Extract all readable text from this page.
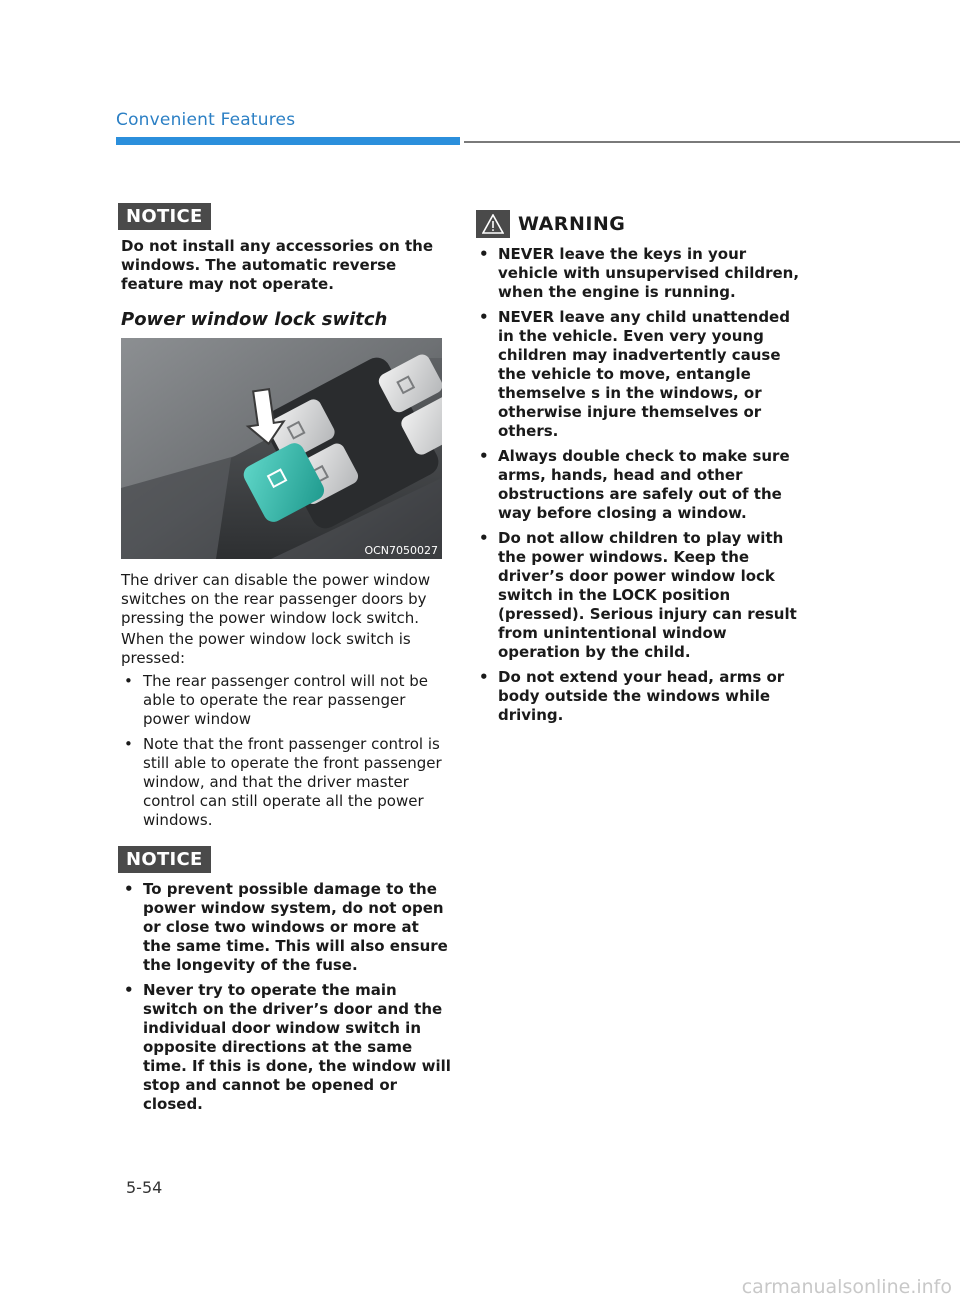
Convenient Features
NOTICE
Do not install any accessories on the windows. The automatic reverse feature may not operate.
Power window lock switch
OCN7050027
The driver can disable the power window switches on the rear passenger doors by pressing the power window lock switch.
When the power window lock switch is pressed:
• The rear passenger control will not be able to operate the rear passenger power window
• Note that the front passenger control is still able to operate the front passenger window, and that the driver master control can still operate all the power windows.
NOTICE
• To prevent possible damage to the power window system, do not open or close two windows or more at the same time. This will also ensure the longevity of the fuse.
• Never try to operate the main switch on the driver’s door and the individual door window switch in opposite directions at the same time. If this is done, the window will stop and cannot be opened or closed.
WARNING
• NEVER leave the keys in your vehicle with unsupervised children, when the engine is running.
• NEVER leave any child unattended in the vehicle. Even very young children may inadvertently cause the vehicle to move, entangle themselve s in the windows, or otherwise injure themselves or others.
• Always double check to make sure arms, hands, head and other obstructions are safely out of the way before closing a window.
• Do not allow children to play with the power windows. Keep the driver’s door power window lock switch in the LOCK position (pressed). Serious injury can result from unintentional window operation by the child.
• Do not extend your head, arms or body outside the windows while driving.
5-54
carmanualsonline.info
